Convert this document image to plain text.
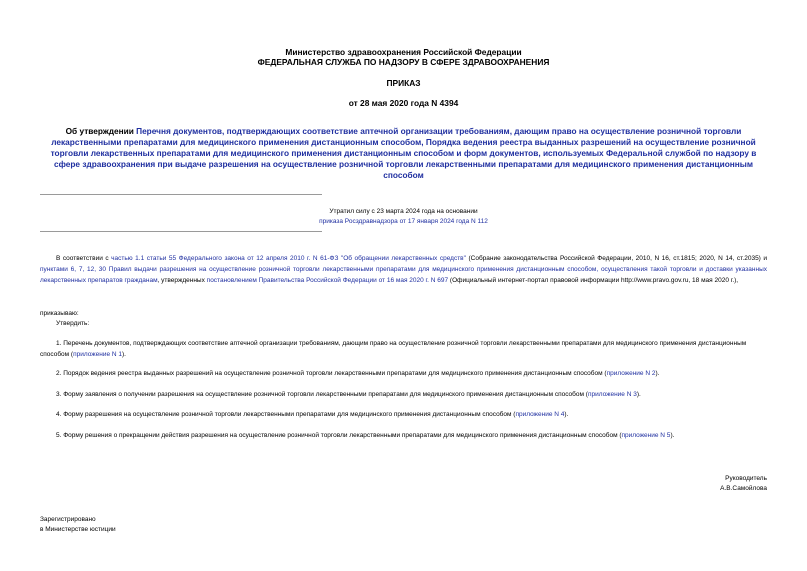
Министерство здравоохранения Российской Федерации
ФЕДЕРАЛЬНАЯ СЛУЖБА ПО НАДЗОРУ В СФЕРЕ ЗДРАВООХРАНЕНИЯ
ПРИКАЗ
от 28 мая 2020 года N 4394
Об утверждении Перечня документов, подтверждающих соответствие аптечной организации требованиям, дающим право на осуществление розничной торговли лекарственными препаратами для медицинского применения дистанционным способом, Порядка ведения реестра выданных разрешений на осуществление розничной торговли лекарственных препаратами для медицинского применения дистанционным способом и форм документов, используемых Федеральной службой по надзору в сфере здравоохранения при выдаче разрешения на осуществление розничной торговли лекарственными препаратами для медицинского применения дистанционным способом
Утратил силу с 23 марта 2024 года на основании
приказа Росздравнадзора от 17 января 2024 года N 112
В соответствии с частью 1.1 статьи 55 Федерального закона от 12 апреля 2010 г. N 61-ФЗ "Об обращении лекарственных средств" (Собрание законодательства Российской Федерации, 2010, N 16, ст.1815; 2020, N 14, ст.2035) и пунктами 6, 7, 12, 30 Правил выдачи разрешения на осуществление розничной торговли лекарственными препаратами для медицинского применения дистанционным способом, осуществления такой торговли и доставки указанных лекарственных препаратов гражданам, утвержденных постановлением Правительства Российской Федерации от 16 мая 2020 г. N 697 (Официальный интернет-портал правовой информации http://www.pravo.gov.ru, 18 мая 2020 г.),
приказываю:
Утвердить:
1. Перечень документов, подтверждающих соответствие аптечной организации требованиям, дающим право на осуществление розничной торговли лекарственными препаратами для медицинского применения дистанционным способом (приложение N 1).
2. Порядок ведения реестра выданных разрешений на осуществление розничной торговли лекарственными препаратами для медицинского применения дистанционным способом (приложение N 2).
3. Форму заявления о получении разрешения на осуществление розничной торговли лекарственными препаратами для медицинского применения дистанционным способом (приложение N 3).
4. Форму разрешения на осуществление розничной торговли лекарственными препаратами для медицинского применения дистанционным способом (приложение N 4).
5. Форму решения о прекращении действия разрешения на осуществление розничной торговли лекарственными препаратами для медицинского применения дистанционным способом (приложение N 5).
Руководитель
А.В.Самойлова
Зарегистрировано
в Министерстве юстиции
